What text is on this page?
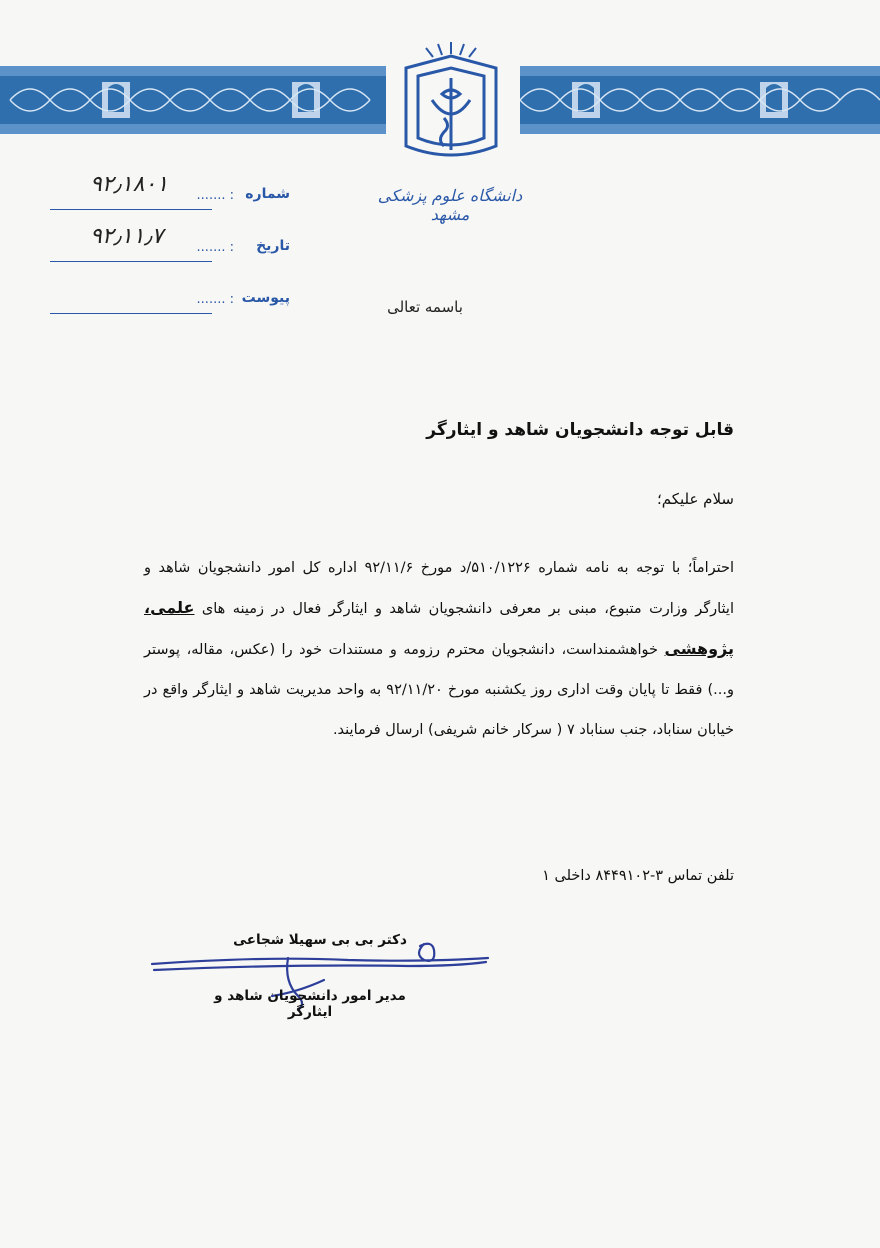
دانشگاه علوم پزشکی مشهد
شماره
: .......
۹۲٫۱۸۰۱
تاریخ
: .......
۹۲٫۱۱٫۷
پیوست
: .......	باسمه تعالی
قابل توجه دانشجویان شاهد و ایثارگر
سلام علیکم؛
احتراماً؛ با توجه به نامه شماره ۵۱۰/۱۲۲۶/د مورخ ۹۲/۱۱/۶ اداره کل امور دانشجویان شاهد و ایثارگر وزارت متبوع، مبنی بر معرفی دانشجویان شاهد و ایثارگر فعال در زمینه های علمی، پژوهشی خواهشمنداست، دانشجویان محترم رزومه و مستندات خود را (عکس، مقاله، پوستر و...) فقط تا پایان وقت اداری روز یکشنبه مورخ ۹۲/۱۱/۲۰ به واحد مدیریت شاهد و ایثارگر واقع در خیابان سناباد، جنب سناباد ۷ ( سرکار خانم شریفی) ارسال فرمایند.
تلفن تماس ۳-۸۴۴۹۱۰۲ داخلی ۱
دکتر بی بی سهیلا شجاعی
مدیر امور دانشجویان شاهد و ایثارگر
